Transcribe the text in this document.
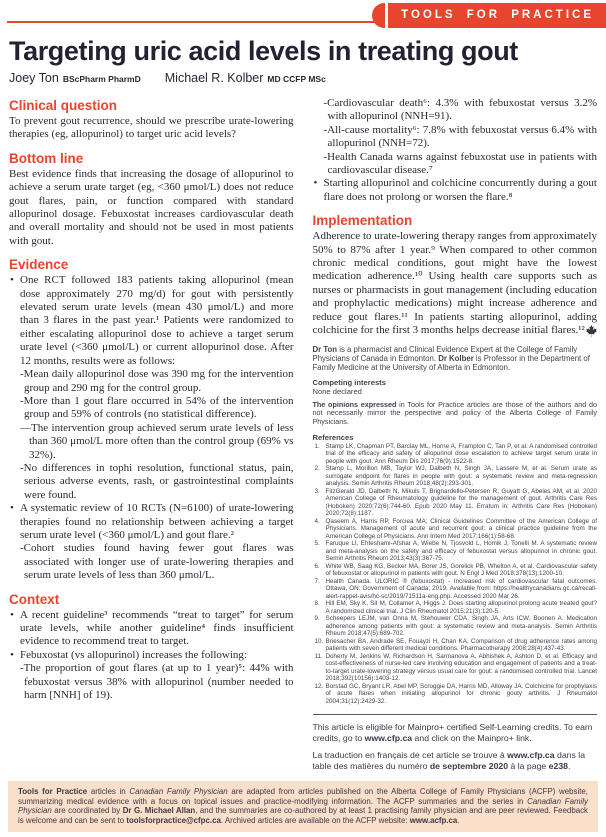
TOOLS FOR PRACTICE
Targeting uric acid levels in treating gout
Joey Ton BScPharm PharmD Michael R. Kolber MD CCFP MSc
Clinical question

To prevent gout recurrence, should we prescribe urate-lowering therapies (eg, allopurinol) to target uric acid levels?

Bottom line

Best evidence finds that increasing the dosage of allopurinol to achieve a serum urate target (eg, <360 μmol/L) does not reduce gout flares, pain, or function compared with standard allopurinol dosage. Febuxostat increases cardiovascular death and overall mortality and should not be used in most patients with gout.

Evidence
• One RCT followed 183 patients taking allopurinol (mean dose approximately 270 mg/d) for gout with persistently elevated serum urate levels (mean 430 μmol/L) and more than 3 flares in the past year.¹ Patients were randomized to either escalating allopurinol dose to achieve a target serum urate level (<360 μmol/L) or current allopurinol dose. After 12 months, results were as follows:
-Mean daily allopurinol dose was 390 mg for the intervention group and 290 mg for the control group.
-More than 1 gout flare occurred in 54% of the intervention group and 59% of controls (no statistical difference).
—The intervention group achieved serum urate levels of less than 360 μmol/L more often than the control group (69% vs 32%).
-No differences in tophi resolution, functional status, pain, serious adverse events, rash, or gastrointestinal complaints were found.
• A systematic review of 10 RCTs (N=6100) of urate-lowering therapies found no relationship between achieving a target serum urate level (<360 μmol/L) and gout flare.²
-Cohort studies found having fewer gout flares was associated with longer use of urate-lowering therapies and serum urate levels of less than 360 μmol/L.
Context
• A recent guideline³ recommends “treat to target” for serum urate levels, while another guideline⁴ finds insufficient evidence to recommend treat to target.
• Febuxostat (vs allopurinol) increases the following:
-The proportion of gout flares (at up to 1 year)⁵: 44% with febuxostat versus 38% with allopurinol (number needed to harm [NNH] of 19).
-Cardiovascular death⁶: 4.3% with febuxostat versus 3.2% with allopurinol (NNH=91).
-All-cause mortality⁶: 7.8% with febuxostat versus 6.4% with allopurinol (NNH=72).
-Health Canada warns against febuxostat use in patients with cardiovascular disease.⁷
• Starting allopurinol and colchicine concurrently during a gout flare does not prolong or worsen the flare.⁸
Implementation

Adherence to urate-lowering therapy ranges from approximately 50% to 87% after 1 year.⁹ When compared to other common chronic medical conditions, gout might have the lowest medication adherence.¹⁰ Using health care supports such as nurses or pharmacists in gout management (including education and prophylactic medications) might increase adherence and reduce gout flares.¹¹ In patients starting allopurinol, adding colchicine for the first 3 months helps decrease initial flares.¹²

Dr Ton is a pharmacist and Clinical Evidence Expert at the College of Family Physicians of Canada in Edmonton. Dr Kolber is Professor in the Department of Family Medicine at the University of Alberta in Edmonton.

Competing interests
None declared

The opinions expressed in Tools for Practice articles are those of the authors and do not necessarily mirror the perspective and policy of the Alberta College of Family Physicians.

References
1. Stamp LK, Chapman PT, Barclay ML, Horne A, Frampton C, Tan P, et al. A randomised controlled trial of the efficacy and safety of allopurinol dose escalation to achieve target serum urate in people with gout. Ann Rheum Dis 2017;76(9):1522-8.
2. Stamp L, Morillon MB, Taylor WJ, Dalbeth N, Singh JA, Lassere M, et al. Serum urate as surrogate endpoint for flares in people with gout: a systematic review and meta-regression analysis. Semin Arthritis Rheum 2018;48(2):293-301.
3. FitzGerald JD, Dalbeth N, Mikuls T, Brignardello-Petersen R, Guyatt G, Abeles AM, et al. 2020 American College of Rheumatology guideline for the management of gout. Arthritis Care Res (Hoboken) 2020;72(6):744-60. Epub 2020 May 11. Erratum in: Arthritis Care Res (Hoboken) 2020;72(8):1187.
4. Qaseem A, Harris RP, Forciea MA; Clinical Guidelines Committee of the American College of Physicians. Management of acute and recurrent gout: a clinical practice guideline from the American College of Physicians. Ann Intern Med 2017;166(1):58-68.
5. Faruque LI, Ehteshami-Afshar A, Wiebe N, Tjosvold L, Homik J, Tonelli M. A systematic review and meta-analysis on the safety and efficacy of febuxostat versus allopurinol in chronic gout. Semin Arthritis Rheum 2013;43(3):367-75.
6. White WB, Saag KG, Becker MA, Borer JS, Gorelick PB, Whelton A, et al. Cardiovascular safety of febuxostat or allopurinol in patients with gout. N Engl J Med 2018;378(13):1200-10.
7. Health Canada. ULORIC ® (febuxostat) - Increased risk of cardiovascular fatal outcomes. Ottawa, ON: Government of Canada; 2019. Available from: https://healthycanadians.gc.ca/recall-alert-rappel-avis/hc-sc/2019/71511a-eng.php. Accessed 2020 Mar 26.
8. Hill EM, Sky K, Sit M, Collamer A, Higgs J. Does starting allopurinol prolong acute treated gout? A randomized clinical trial. J Clin Rheumatol 2015;21(3):120-5.
9. Scheepers LEJM, van Onna M, Stehouwer CDA, Singh JA, Arts ICW, Boonen A. Medication adherence among patients with gout: a systematic review and meta-analysis. Semin Arthritis Rheum 2018;47(5):689-702.
10. Briesacher BA, Andrade SE, Fouayzi H, Chan KA. Comparison of drug adherence rates among patients with seven different medical conditions. Pharmacotherapy 2008;28(4):437-43.
11. Doherty M, Jenkins W, Richardson H, Sarmanova A, Abhishek A, Ashton D, et al. Efficacy and cost-effectiveness of nurse-led care involving education and engagement of patients and a treat-to-target urate-lowering strategy versus usual care for gout: a randomised controlled trial. Lancet 2018;392(10156):1403-12.
12. Borstad GC, Bryant LR, Abel MP, Scroggie DA, Harris MD, Alloway JA. Colchicine for prophylaxis of acute flares when initiating allopurinol for chronic gouty arthritis. J Rheumatol 2004;31(12):2429-32.

This article is eligible for Mainpro+ certified Self-Learning credits. To earn credits, go to www.cfp.ca and click on the Mainpro+ link.

La traduction en français de cet article se trouve à www.cfp.ca dans la table des matières du numéro de septembre 2020 à la page e238.

Tools for Practice articles in Canadian Family Physician are adapted from articles published on the Alberta College of Family Physicians (ACFP) website, summarizing medical evidence with a focus on topical issues and practice-modifying information. The ACFP summaries and the series in Canadian Family Physician are coordinated by Dr G. Michael Allan, and the summaries are co-authored by at least 1 practising family physician and are peer reviewed. Feedback is welcome and can be sent to toolsforpractice@cfpc.ca. Archived articles are available on the ACFP website: www.acfp.ca.
